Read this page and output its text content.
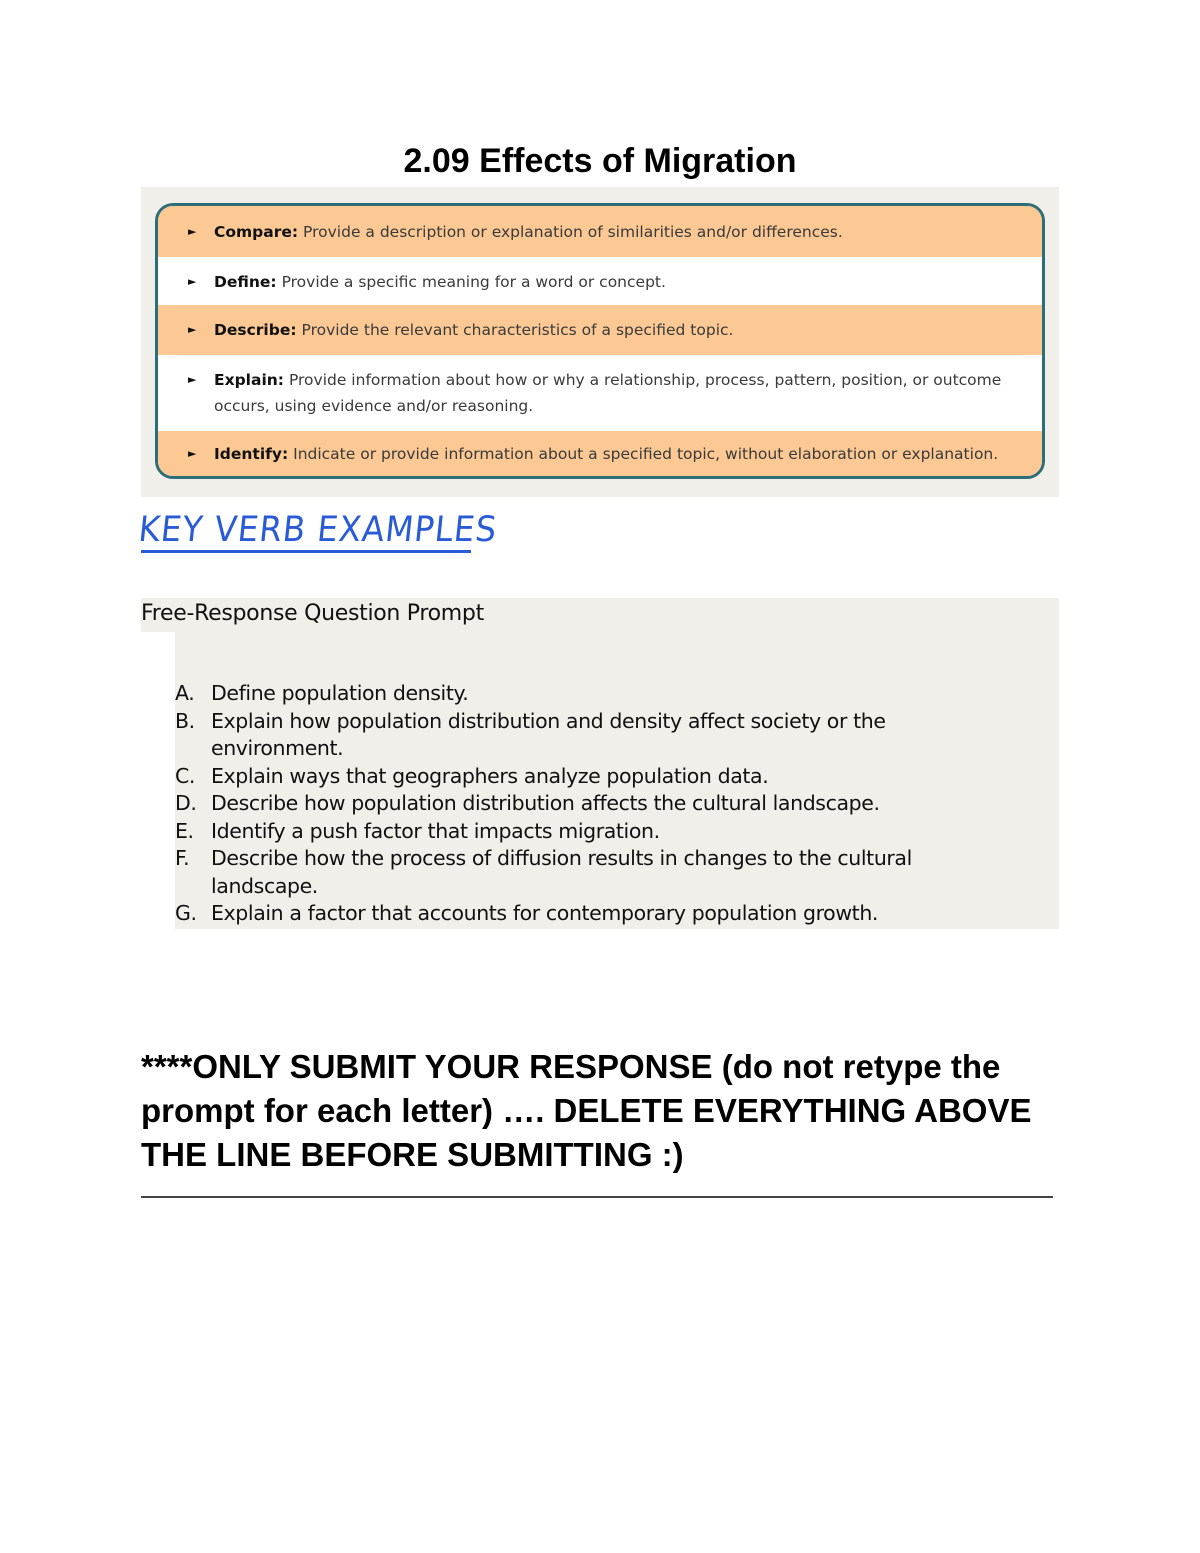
2.09 Effects of Migration
►	Compare: Provide a description or explanation of similarities and/or differences.
►	Define: Provide a specific meaning for a word or concept.
►	Describe: Provide the relevant characteristics of a specified topic.
►	Explain: Provide information about how or why a relationship, process, pattern, position, or outcome occurs, using evidence and/or reasoning.
►	Identify: Indicate or provide information about a specified topic, without elaboration or explanation.
KEY VERB EXAMPLES
Free-Response Question Prompt
A. Define population density.
B. Explain how population distribution and density affect society or the environment.
C. Explain ways that geographers analyze population data.
D. Describe how population distribution affects the cultural landscape.
E. Identify a push factor that impacts migration.
F.	Describe how the process of diffusion results in changes to the cultural landscape.
G. Explain a factor that accounts for contemporary population growth.
****ONLY SUBMIT YOUR RESPONSE (do not retype the prompt for each letter) …. DELETE EVERYTHING ABOVE THE LINE BEFORE SUBMITTING :)
